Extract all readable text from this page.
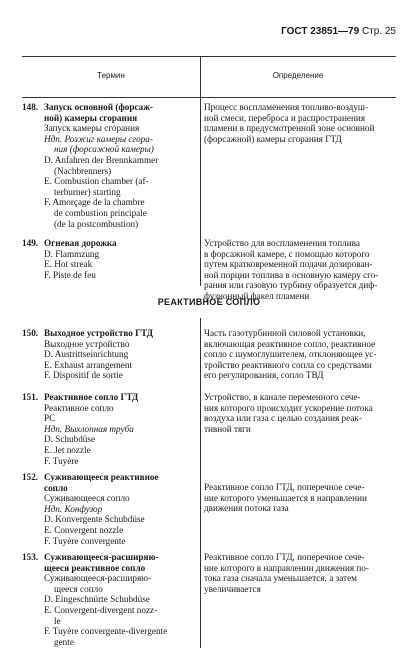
ГОСТ 23851—79 Стр. 25
Термин	Определение
РЕАКТИВНОЕ СОПЛО
148. Запуск основной (форсаж-
ной) камеры сгорания
Запуск камеры сгорания
Ндп. Розжиг камеры сгора-
ния (форсажной камеры)
D. Anfahren der Brennkammer
(Nachbrenners)
E. Combustion chamber (af-
terburner) starting
F. Amorçage de la chambre
de combustion principale
(de la postcombustion)
Процесс воспламенения топливо-воздуш-
ной смеси, переброса и распространения
пламени в предусмотренной зоне основной
(форсажной) камеры сгорания ГТД
149. Огневая дорожка
D. Flammzung
E. Hot streak
F. Piste de feu
Устройство для воспламенения топлива
в форсажной камере, с помощью которого
путем кратковременной подачи дозирован-
ной порции топлива в основную камеру сго-
рания или газовую турбину образуется диф-
фузионный факел пламени
150. Выходное устройство ГТД
Выходное устройство
D. Austrittseinrichtung
E. Exhaust arrangement
F. Dispositif de sortie
Часть газотурбинной силовой установки,
включающая реактивное сопло, реактивное
сопло с шумоглушителем, отклоняющее ус-
тройство реактивного сопла со средствами
его регулирования, сопло ТВД
151. Реактивное сопло ГТД
Реактивное сопло
PC
Ндп. Выхлопная труба
D. Schubdüse
E. Jet nozzle
F. Tuyère
Устройство, в канале переменного сече-
ния которого происходит ускорение потока
воздуха или газа с целью создания реак-
тивной тяги
152. Суживающееся реактивное
сопло
Суживающееся сопло
Ндп. Конфузор
D. Konvergente Schubdüse
E. Convergent nozzle
F. Tuyère convergente
Реактивное сопло ГТД, поперечное сече-
ние которого уменьшается в направлении
движения потока газа
153. Суживающееся-расширяю-
щееся реактивное сопло
Суживающееся-расширяю-
щееся сопло
D. Eingeschnürte Schubdüse
E. Convergent-divergent nozz-
le
F. Tuyère convergente-divergente
gente
Реактивное сопло ГТД, поперечное сече-
ние которого в направлении движения по-
тока газа сначала уменьшается, а затем
увеличивается
